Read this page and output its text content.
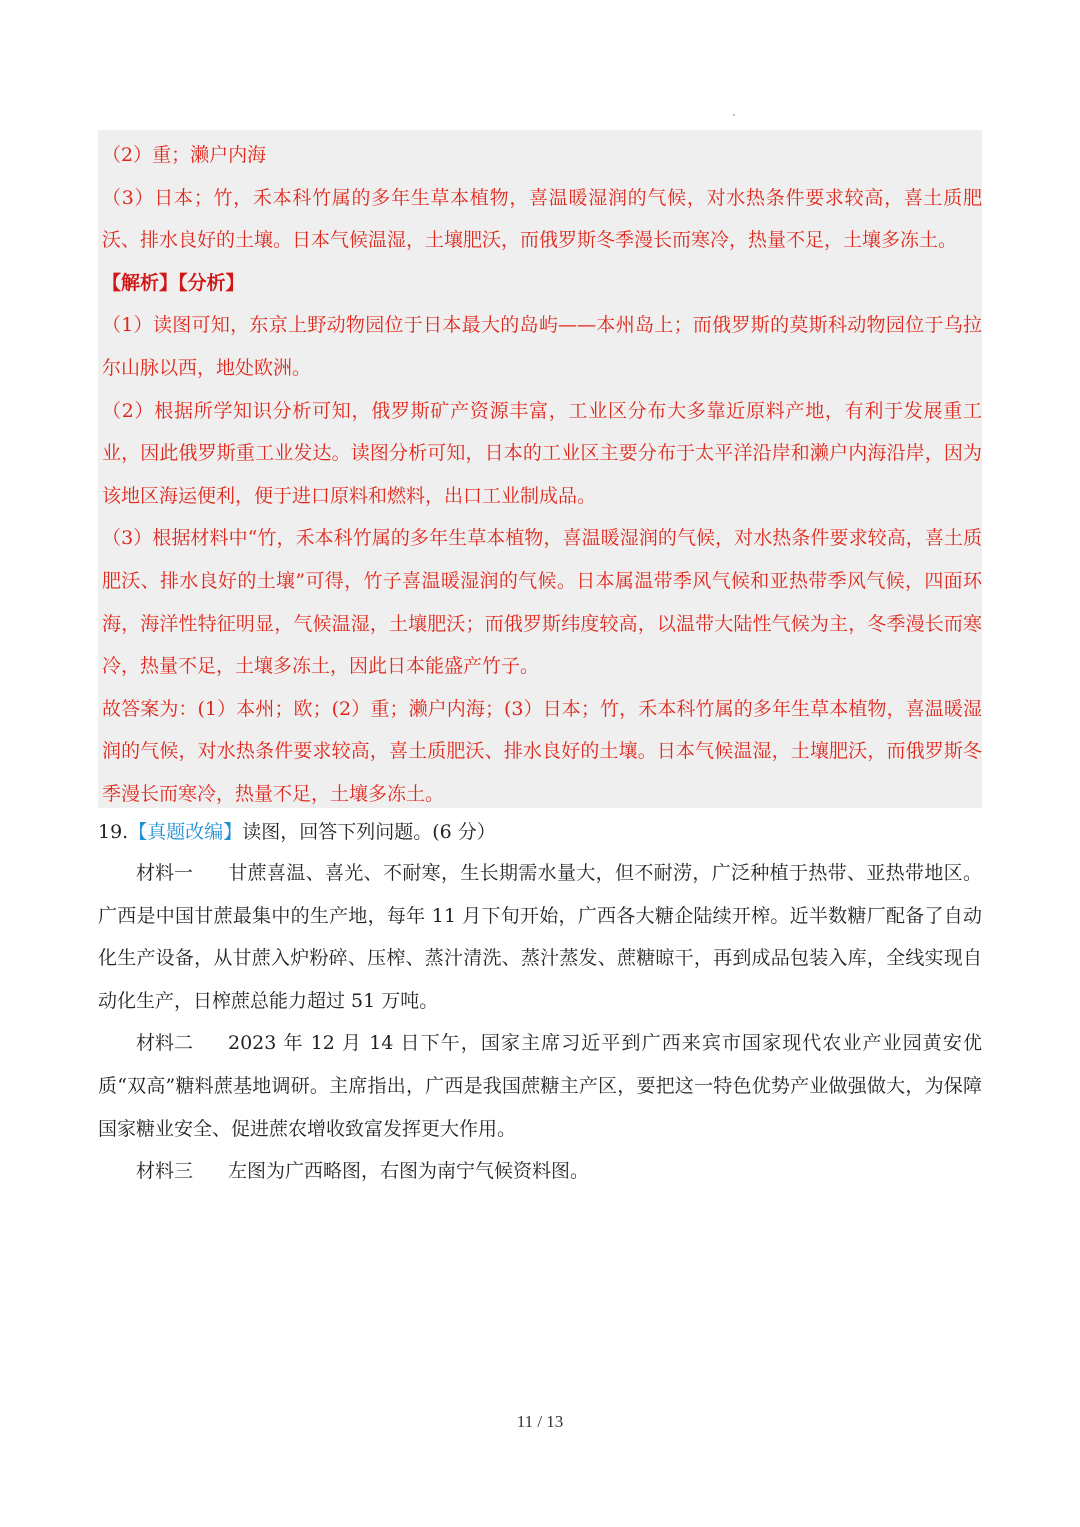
（2）重；濑户内海

（3）日本；竹，禾本科竹属的多年生草本植物，喜温暖湿润的气候，对水热条件要求较高，喜土质肥沃、排水良好的土壤。日本气候温湿，土壤肥沃，而俄罗斯冬季漫长而寒冷，热量不足，土壤多冻土。

【解析】【分析】

（1）读图可知，东京上野动物园位于日本最大的岛屿——本州岛上；而俄罗斯的莫斯科动物园位于乌拉尔山脉以西，地处欧洲。

（2）根据所学知识分析可知，俄罗斯矿产资源丰富，工业区分布大多靠近原料产地，有利于发展重工业，因此俄罗斯重工业发达。读图分析可知，日本的工业区主要分布于太平洋沿岸和濑户内海沿岸，因为该地区海运便利，便于进口原料和燃料，出口工业制成品。

（3）根据材料中“竹，禾本科竹属的多年生草本植物，喜温暖湿润的气候，对水热条件要求较高，喜土质肥沃、排水良好的土壤”可得，竹子喜温暖湿润的气候。日本属温带季风气候和亚热带季风气候，四面环海，海洋性特征明显，气候温湿，土壤肥沃；而俄罗斯纬度较高，以温带大陆性气候为主，冬季漫长而寒冷，热量不足，土壤多冻土，因此日本能盛产竹子。

故答案为：(1）本州；欧；(2）重；濑户内海；(3）日本；竹，禾本科竹属的多年生草本植物，喜温暖湿润的气候，对水热条件要求较高，喜土质肥沃、排水良好的土壤。日本气候温湿，土壤肥沃，而俄罗斯冬季漫长而寒冷，热量不足，土壤多冻土。

19.【真题改编】读图，回答下列问题。(6 分）

材料一 甘蔗喜温、喜光、不耐寒，生长期需水量大，但不耐涝，广泛种植于热带、亚热带地区。广西是中国甘蔗最集中的生产地，每年 11 月下旬开始，广西各大糖企陆续开榨。近半数糖厂配备了自动化生产设备，从甘蔗入炉粉碎、压榨、蒸汁清洗、蒸汁蒸发、蔗糖晾干，再到成品包装入库，全线实现自动化生产，日榨蔗总能力超过 51 万吨。

材料二 2023 年 12 月 14 日下午，国家主席习近平到广西来宾市国家现代农业产业园黄安优质“双高”糖料蔗基地调研。主席指出，广西是我国蔗糖主产区，要把这一特色优势产业做强做大，为保障国家糖业安全、促进蔗农增收致富发挥更大作用。

材料三 左图为广西略图，右图为南宁气候资料图。

11 / 13
